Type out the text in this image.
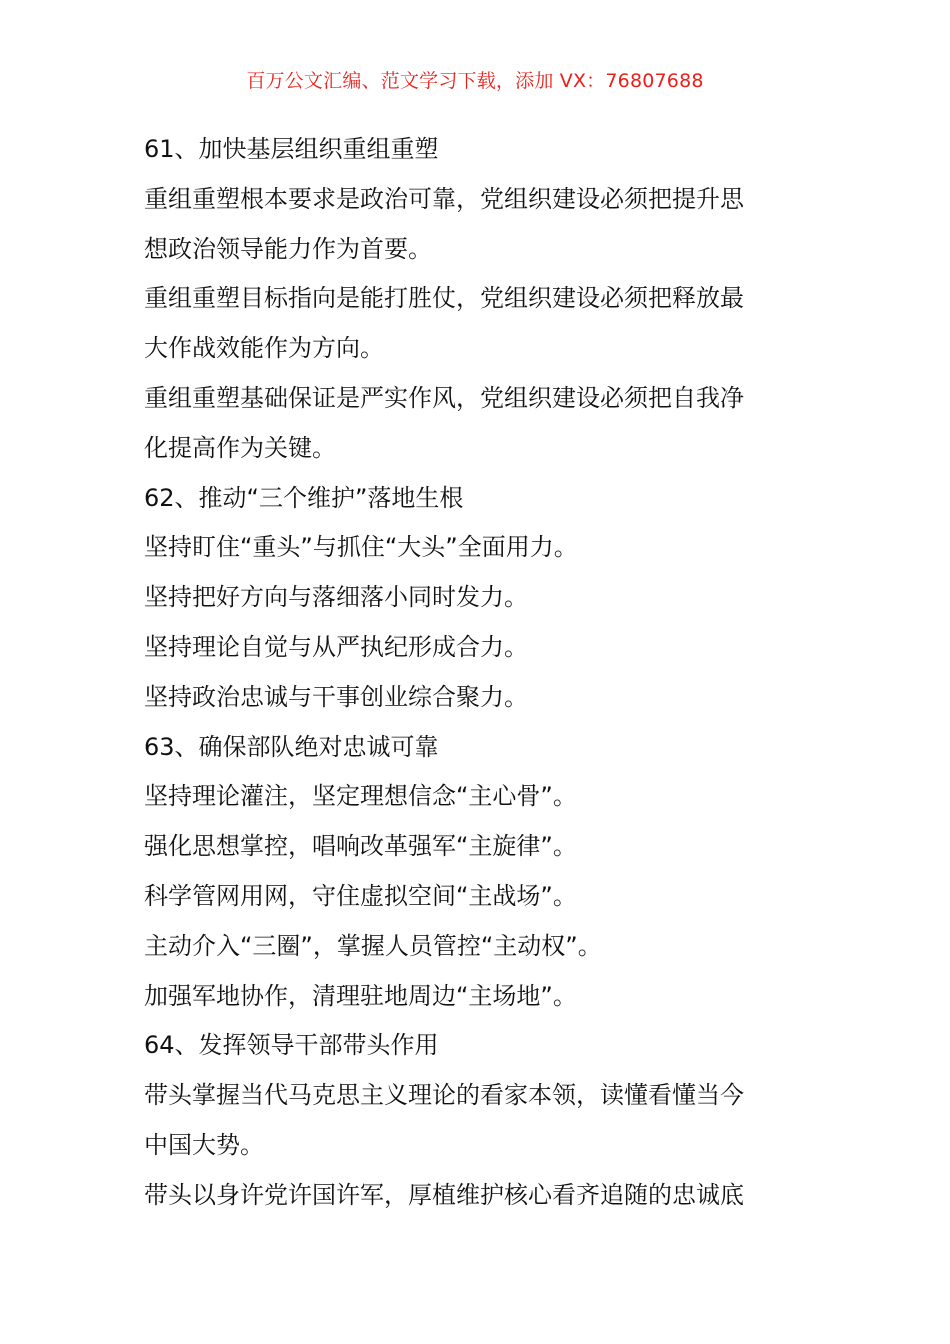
百万公文汇编、范文学习下载，添加 VX：76807688
61、加快基层组织重组重塑
重组重塑根本要求是政治可靠，党组织建设必须把提升思
想政治领导能力作为首要。
重组重塑目标指向是能打胜仗，党组织建设必须把释放最
大作战效能作为方向。
重组重塑基础保证是严实作风，党组织建设必须把自我净
化提高作为关键。
62、推动“三个维护”落地生根
坚持盯住“重头”与抓住“大头”全面用力。
坚持把好方向与落细落小同时发力。
坚持理论自觉与从严执纪形成合力。
坚持政治忠诚与干事创业综合聚力。
63、确保部队绝对忠诚可靠
坚持理论灌注，坚定理想信念“主心骨”。
强化思想掌控，唱响改革强军“主旋律”。
科学管网用网，守住虚拟空间“主战场”。
主动介入“三圈”，掌握人员管控“主动权”。
加强军地协作，清理驻地周边“主场地”。
64、发挥领导干部带头作用
带头掌握当代马克思主义理论的看家本领，读懂看懂当今
中国大势。
带头以身许党许国许军，厚植维护核心看齐追随的忠诚底
